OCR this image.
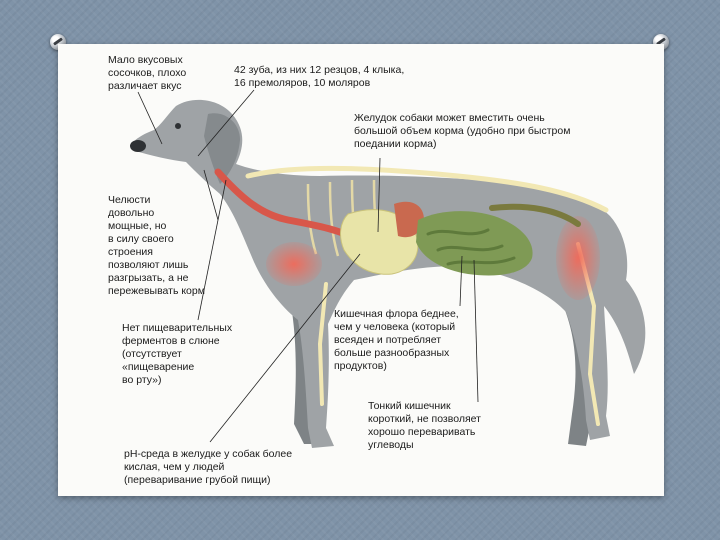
Мало вкусовых
сосочков, плохо
различает вкус

42 зуба, из них 12 резцов, 4 клыка,
16 премоляров, 10 моляров

Желудок собаки может вместить очень
большой объем корма (удобно при быстром
поедании корма)

Челюсти
довольно
мощные, но
в силу своего
строения
позволяют лишь
разгрызать, а не
пережевывать корм

Нет пищеварительных
ферментов в слюне
(отсутствует
«пищеварение
во рту»)

Кишечная флора беднее,
чем у человека (который
всеяден и потребляет
больше разнообразных
продуктов)

Тонкий кишечник
короткий, не позволяет
хорошо переваривать
углеводы

pH-среда в желудке у собак более
кислая, чем у людей
(переваривание грубой пищи)
